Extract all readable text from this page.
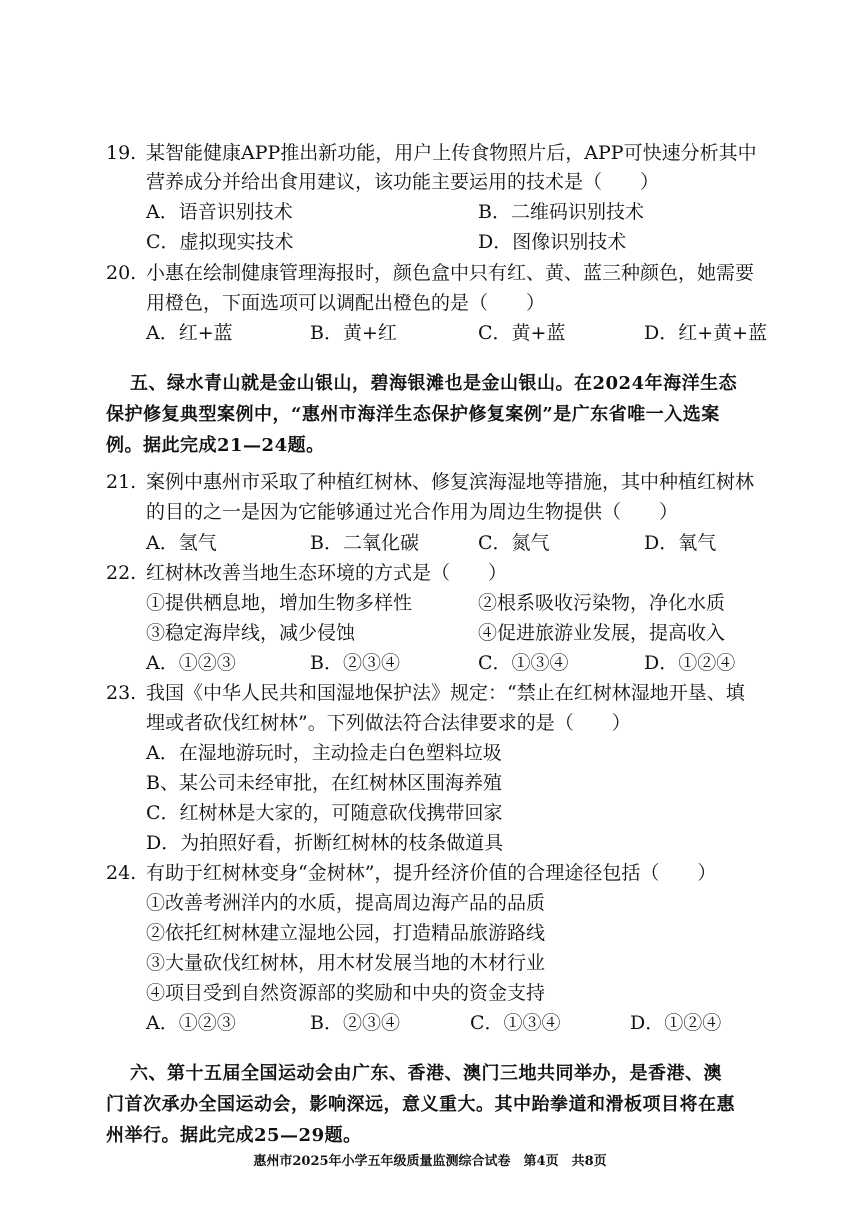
19. 某智能健康APP推出新功能，用户上传食物照片后，APP可快速分析其中
营养成分并给出食用建议，该功能主要运用的技术是（　　）
A．语音识别技术	B．二维码识别技术
C．虚拟现实技术	D．图像识别技术
20. 小惠在绘制健康管理海报时，颜色盒中只有红、黄、蓝三种颜色，她需要
用橙色，下面选项可以调配出橙色的是（　　）
A．红+蓝	B．黄+红	C．黄+蓝	D．红+黄+蓝
五、绿水青山就是金山银山，碧海银滩也是金山银山。在2024年海洋生态
保护修复典型案例中，“惠州市海洋生态保护修复案例”是广东省唯一入选案
例。据此完成21—24题。
21. 案例中惠州市采取了种植红树林、修复滨海湿地等措施，其中种植红树林
的目的之一是因为它能够通过光合作用为周边生物提供（　　）
A．氢气	B．二氧化碳	C．氮气	D．氧气
22. 红树林改善当地生态环境的方式是（　　）
①提供栖息地，增加生物多样性	②根系吸收污染物，净化水质
③稳定海岸线，减少侵蚀	④促进旅游业发展，提高收入
A．①②③	B．②③④	C．①③④	D．①②④
23. 我国《中华人民共和国湿地保护法》规定：“禁止在红树林湿地开垦、填
埋或者砍伐红树林”。下列做法符合法律要求的是（　　）
A．在湿地游玩时，主动捡走白色塑料垃圾
B、某公司未经审批，在红树林区围海养殖
C．红树林是大家的，可随意砍伐携带回家
D．为拍照好看，折断红树林的枝条做道具
24. 有助于红树林变身“金树林”，提升经济价值的合理途径包括（　　）
①改善考洲洋内的水质，提高周边海产品的品质
②依托红树林建立湿地公园，打造精品旅游路线
③大量砍伐红树林，用木材发展当地的木材行业
④项目受到自然资源部的奖励和中央的资金支持
A．①②③	B．②③④	C．①③④	D．①②④
六、第十五届全国运动会由广东、香港、澳门三地共同举办，是香港、澳
门首次承办全国运动会，影响深远，意义重大。其中跆拳道和滑板项目将在惠
州举行。据此完成25—29题。
惠州市2025年小学五年级质量监测综合试卷　第4页　共8页
